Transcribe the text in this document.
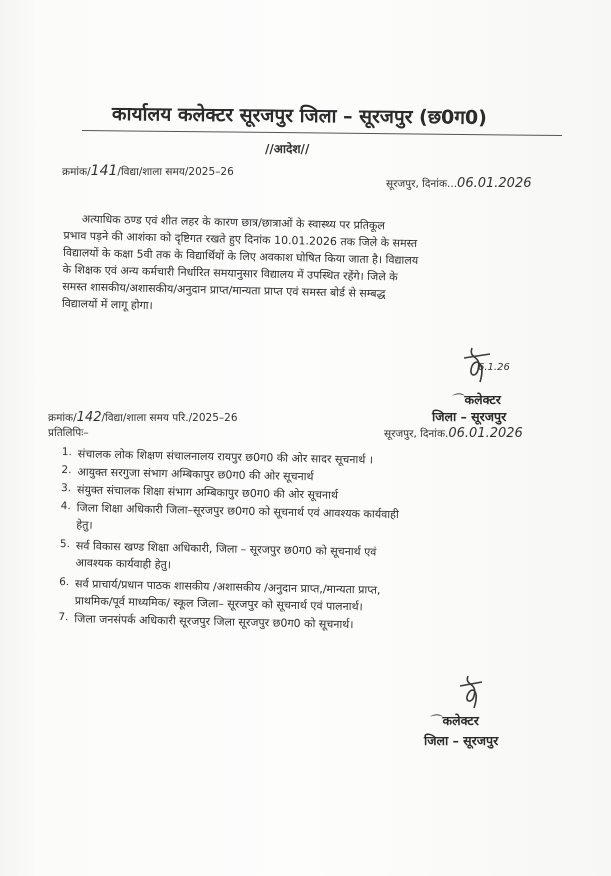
कार्यालय कलेक्टर सूरजपुर जिला – सूरजपुर (छ0ग0)
//आदेश//
क्रमांक/141/विद्या/शाला समय/2025–26
सूरजपुर, दिनांक...06.01.2026
अत्याधिक ठण्ड एवं शीत लहर के कारण छात्र/छात्राओं के स्वास्थ्य पर प्रतिकूल
प्रभाव पड़ने की आशंका को दृष्टिगत रखते हुए दिनांक 10.01.2026 तक जिले के समस्त
विद्यालयों के कक्षा 5वी तक के विद्यार्थियों के लिए अवकाश घोषित किया जाता है। विद्यालय
के शिक्षक एवं अन्य कर्मचारी निर्धारित समयानुसार विद्यालय में उपस्थित रहेंगे। जिले के
समस्त शासकीय/अशासकीय/अनुदान प्राप्त/मान्यता प्राप्त एवं समस्त बोर्ड से सम्बद्ध
विद्यालयों में लागू होगा।
6.1.26
⌒ कलेक्टर
जिला – सूरजपुर
क्रमांक/142/विद्या/शाला समय परि./2025–26
प्रतिलिपिः–	सूरजपुर, दिनांक.06.01.2026
1. संचालक लोक शिक्षण संचालनालय रायपुर छ0ग0 की ओर सादर सूचनार्थ ।
2. आयुक्त सरगुजा संभाग अम्बिकापुर छ0ग0 की ओर सूचनार्थ
3. संयुक्त संचालक शिक्षा संभाग अम्बिकापुर छ0ग0 की ओर सूचनार्थ
4. जिला शिक्षा अधिकारी जिला–सूरजपुर छ0ग0 को सूचनार्थ एवं आवश्यक कार्यवाही
हेतु।
5. सर्व विकास खण्ड शिक्षा अधिकारी, जिला – सूरजपुर छ0ग0 को सूचनार्थ एवं
आवश्यक कार्यवाही हेतु।
6. सर्व प्राचार्य/प्रधान पाठक शासकीय /अशासकीय /अनुदान प्राप्त,/मान्यता प्राप्त,
प्राथमिक/पूर्व माध्यमिक/ स्कूल जिला– सूरजपुर को सूचनार्थ एवं पालनार्थ।
7. जिला जनसंपर्क अधिकारी सूरजपुर जिला सूरजपुर छ0ग0 को सूचनार्थ।
⌒ कलेक्टर
जिला – सूरजपुर
